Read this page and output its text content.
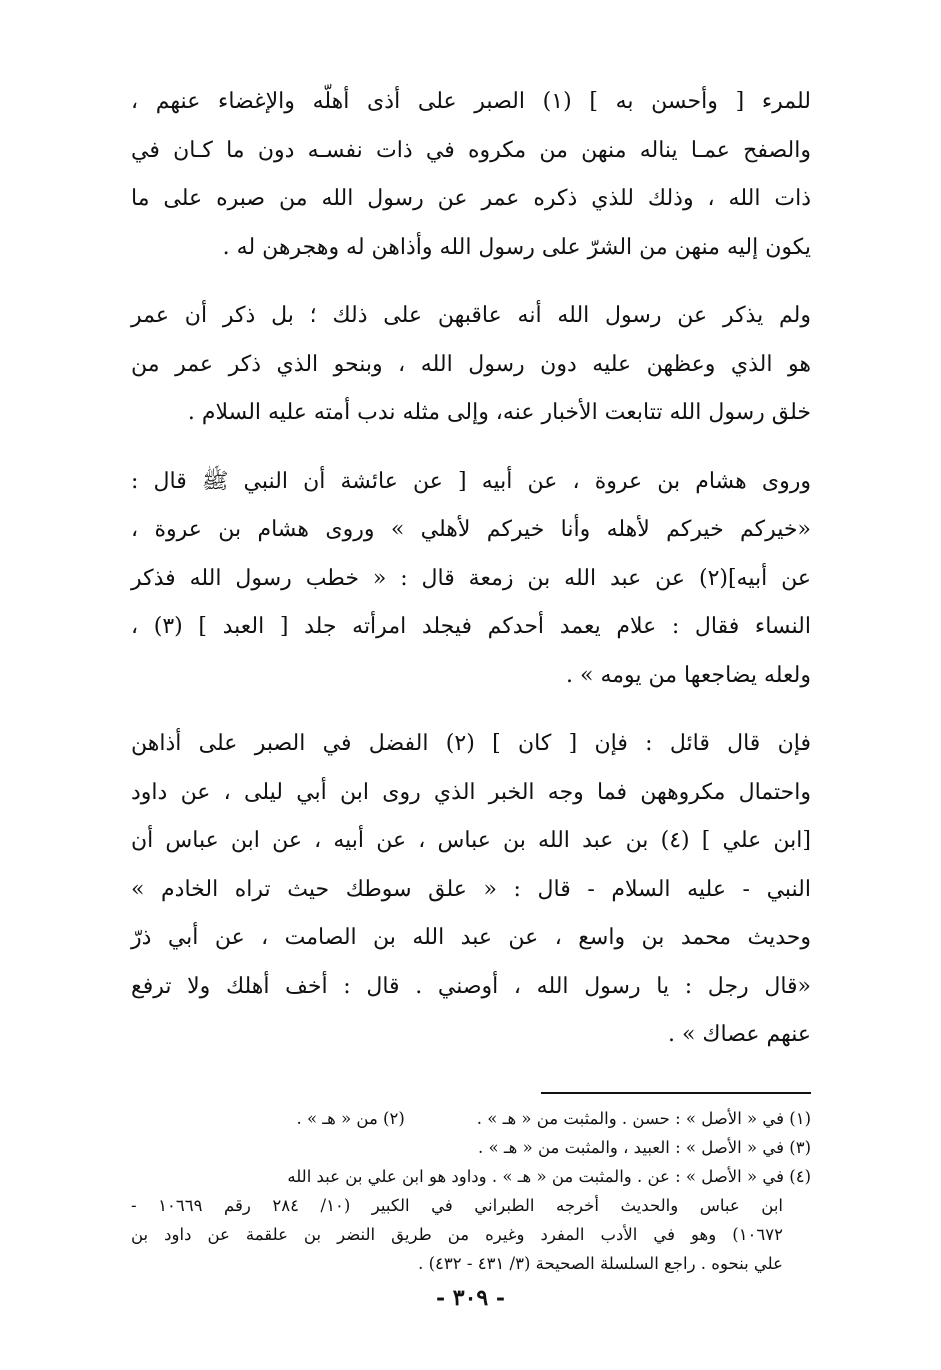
للمرء [ وأحسن به ] (١) الصبر على أذى أهلّه والإغضاء عنهم ،
والصفح عمـا يناله منهن من مكروه في ذات نفسـه دون ما كـان في
ذات الله ، وذلك للذي ذكره عمر عن رسول الله من صبره على ما
يكون إليه منهن من الشرّ على رسول الله وأذاهن له وهجرهن له .

ولم يذكر عن رسول الله أنه عاقبهن على ذلك ؛ بل ذكر أن عمر
هو الذي وعظهن عليه دون رسول الله ، وبنحو الذي ذكر عمر من
خلق رسول الله تتابعت الأخبار عنه، وإلى مثله ندب أمته عليه السلام .

وروى هشام بن عروة ، عن أبيه [ عن عائشة أن النبي ﷺ قال :
«خيركم خيركم لأهله وأنا خيركم لأهلي » وروى هشام بن عروة ،
عن أبيه](٢) عن عبد الله بن زمعة قال : « خطب رسول الله فذكر
النساء فقال : علام يعمد أحدكم فيجلد امرأته جلد [ العبد ] (٣) ،
ولعله يضاجعها من يومه » .

فإن قال قائل : فإن [ كان ] (٢) الفضل في الصبر على أذاهن
واحتمال مكروههن فما وجه الخبر الذي روى ابن أبي ليلى ، عن داود
[ابن علي ] (٤) بن عبد الله بن عباس ، عن أبيه ، عن ابن عباس أن
النبي - عليه السلام - قال : « علق سوطك حيث تراه الخادم »
وحديث محمد بن واسع ، عن عبد الله بن الصامت ، عن أبي ذرّ
«قال رجل : يا رسول الله ، أوصني . قال : أخف أهلك ولا ترفع
عنهم عصاك » .

(١) في « الأصل » : حسن . والمثبت من « هـ » .
(٢) من « هـ » .
(٣) في « الأصل » : العبيد ، والمثبت من « هـ » .
(٤) في « الأصل » : عن . والمثبت من « هـ » . وداود هو ابن علي بن عبد الله
ابن عباس والحديث أخرجه الطبراني في الكبير (١٠/ ٢٨٤ رقم ١٠٦٦٩ -
١٠٦٧٢) وهو في الأدب المفرد وغيره من طريق النضر بن علقمة عن داود بن
علي بنحوه . راجع السلسلة الصحيحة (٣/ ٤٣١ - ٤٣٢) .
- ٣٠٩ -
